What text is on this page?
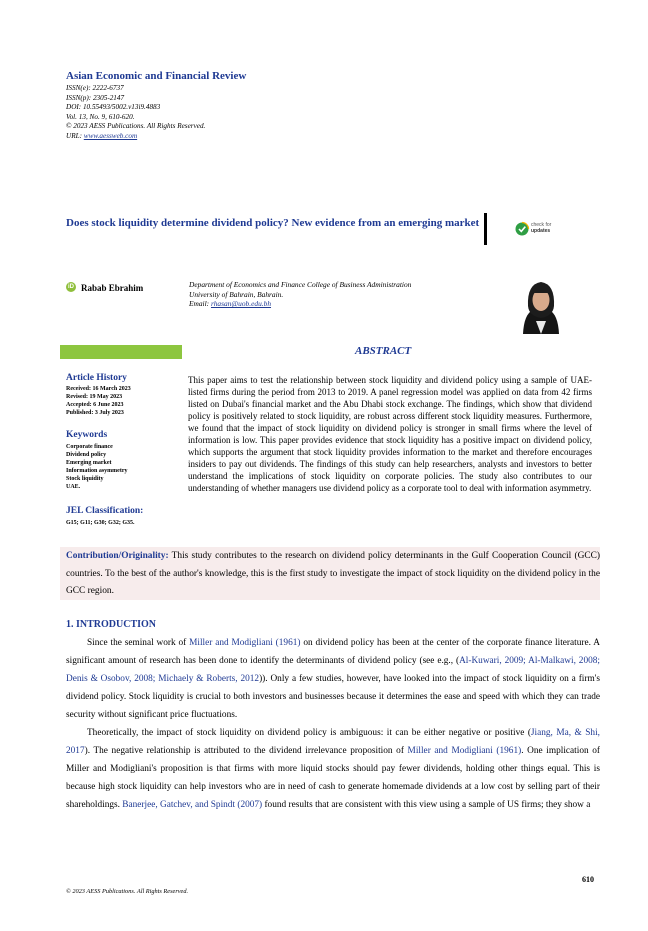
Asian Economic and Financial Review
ISSN(e): 2222-6737
ISSN(p): 2305-2147
DOI: 10.55493/5002.v13i9.4883
Vol. 13, No. 9, 610-620.
© 2023 AESS Publications. All Rights Reserved.
URL: www.aessweb.com
Does stock liquidity determine dividend policy? New evidence from an emerging market	check for
updates
iD Rabab Ebrahim	Department of Economics and Finance College of Business Administration
University of Bahrain, Bahrain.
Email: rhasan@uob.edu.bh
ABSTRACT
Article History
Received: 16 March 2023
Revised: 19 May 2023
Accepted: 6 June 2023
Published: 3 July 2023
Keywords
Corporate finance
Dividend policy
Emerging market
Information asymmetry
Stock liquidity
UAE.
JEL Classification:
G15; G11; G30; G32; G35.
This paper aims to test the relationship between stock liquidity and dividend policy using a sample of UAE-listed firms during the period from 2013 to 2019. A panel regression model was applied on data from 42 firms listed on Dubai's financial market and the Abu Dhabi stock exchange. The findings, which show that dividend policy is positively related to stock liquidity, are robust across different stock liquidity measures. Furthermore, we found that the impact of stock liquidity on dividend policy is stronger in small firms where the level of information is low. This paper provides evidence that stock liquidity has a positive impact on dividend policy, which supports the argument that stock liquidity provides information to the market and therefore encourages insiders to pay out dividends. The findings of this study can help researchers, analysts and investors to better understand the implications of stock liquidity on corporate policies. The study also contributes to our understanding of whether managers use dividend policy as a corporate tool to deal with information asymmetry.
Contribution/Originality: This study contributes to the research on dividend policy determinants in the Gulf Cooperation Council (GCC) countries. To the best of the author's knowledge, this is the first study to investigate the impact of stock liquidity on the dividend policy in the GCC region.
1. INTRODUCTION

Since the seminal work of Miller and Modigliani (1961) on dividend policy has been at the center of the corporate finance literature. A significant amount of research has been done to identify the determinants of dividend policy (see e.g., (Al-Kuwari, 2009; Al-Malkawi, 2008; Denis & Osobov, 2008; Michaely & Roberts, 2012)). Only a few studies, however, have looked into the impact of stock liquidity on a firm's dividend policy. Stock liquidity is crucial to both investors and businesses because it determines the ease and speed with which they can trade security without significant price fluctuations.

Theoretically, the impact of stock liquidity on dividend policy is ambiguous: it can be either negative or positive (Jiang, Ma, & Shi, 2017). The negative relationship is attributed to the dividend irrelevance proposition of Miller and Modigliani (1961). One implication of Miller and Modigliani's proposition is that firms with more liquid stocks should pay fewer dividends, holding other things equal. This is because high stock liquidity can help investors who are in need of cash to generate homemade dividends at a low cost by selling part of their shareholdings. Banerjee, Gatchev, and Spindt (2007) found results that are consistent with this view using a sample of US firms; they show a

610
© 2023 AESS Publications. All Rights Reserved.
